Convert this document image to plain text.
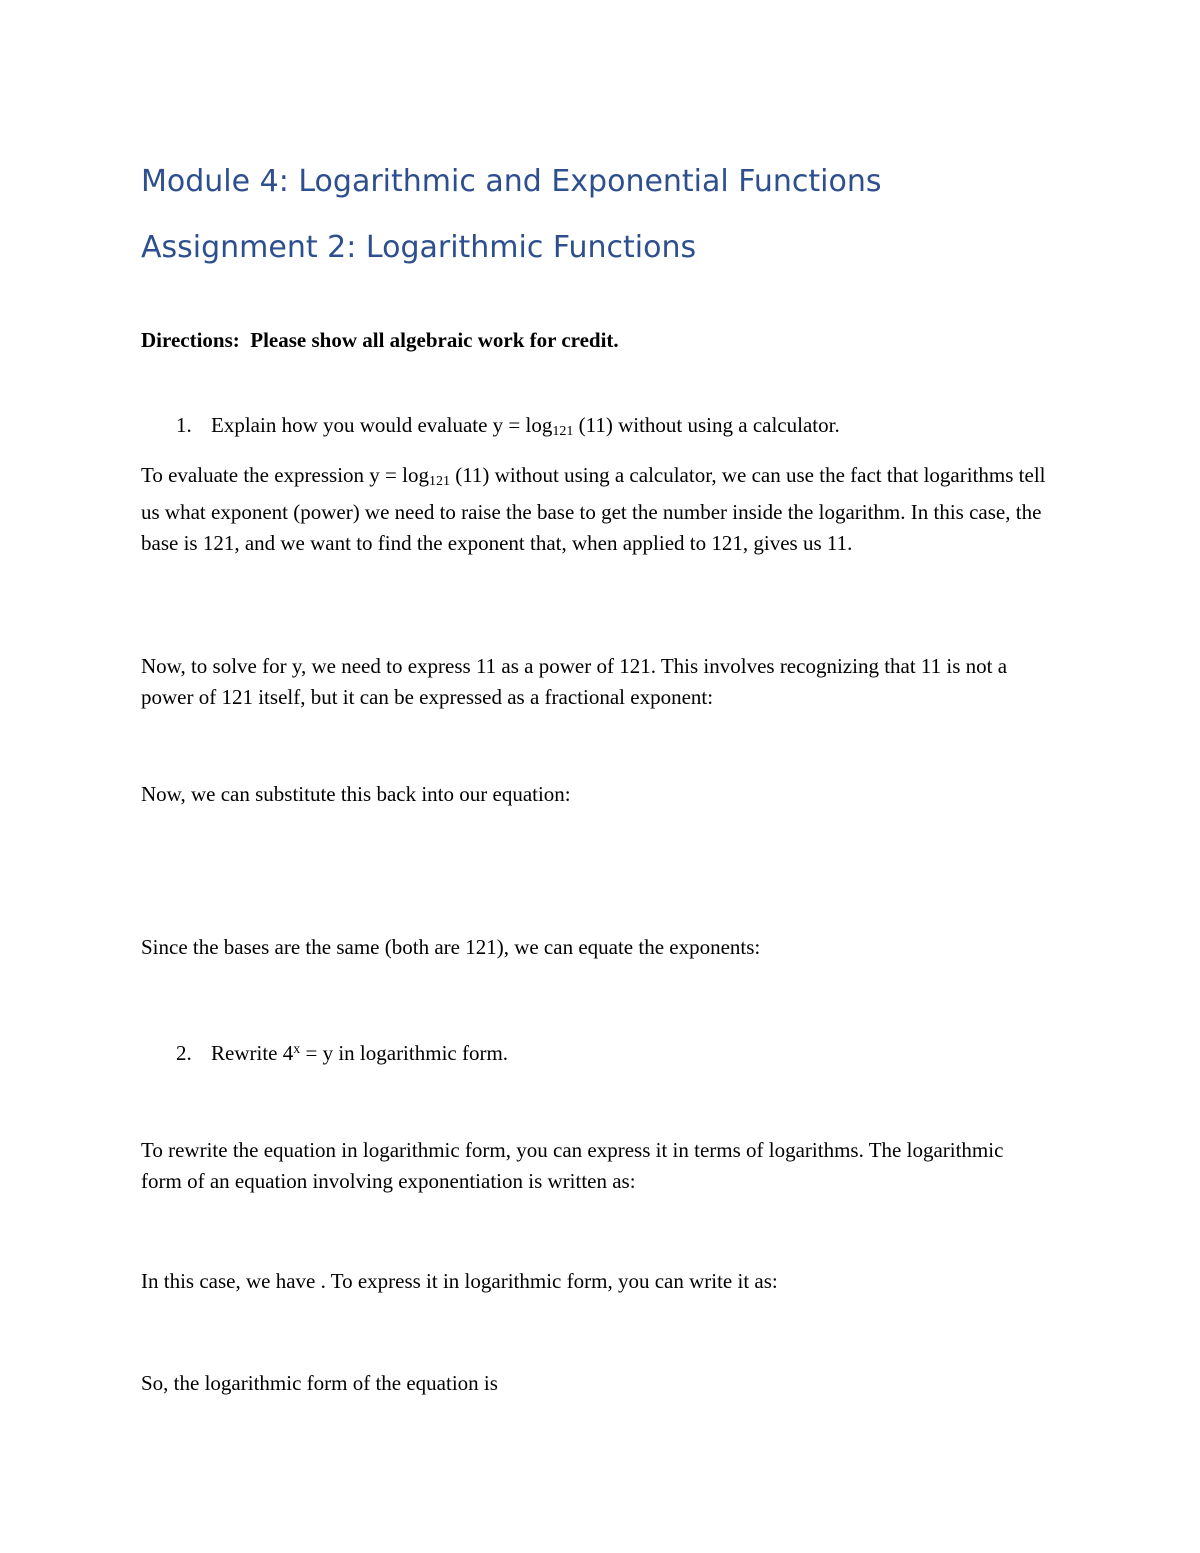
Module 4: Logarithmic and Exponential Functions
Assignment 2: Logarithmic Functions

Directions: Please show all algebraic work for credit.

1. Explain how you would evaluate $y = \log_{121} (11)$ without using a calculator.

To evaluate the expression $y = \log_{121} (11)$ without using a calculator, we can use the fact that logarithms tell us what exponent (power) we need to raise the base to get the number inside the logarithm. In this case, the base is 121, and we want to find the exponent that, when applied to 121, gives us 11.

Now, to solve for y, we need to express 11 as a power of 121. This involves recognizing that 11 is not a power of 121 itself, but it can be expressed as a fractional exponent:

Now, we can substitute this back into our equation:

Since the bases are the same (both are 121), we can equate the exponents:

2. Rewrite $4^x = y$ in logarithmic form.

To rewrite the equation in logarithmic form, you can express it in terms of logarithms. The logarithmic form of an equation involving exponentiation is written as:

In this case, we have . To express it in logarithmic form, you can write it as:

So, the logarithmic form of the equation is
